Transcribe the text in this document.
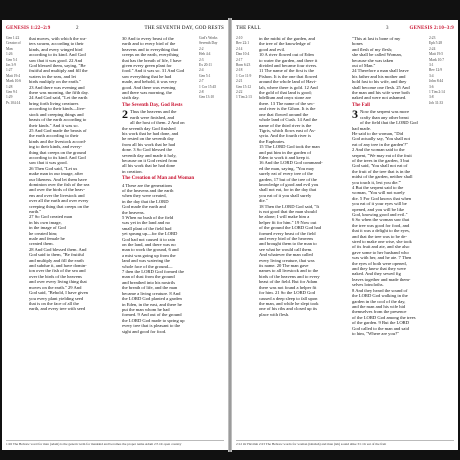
GENESIS 1:22–2:9	2	THE SEVENTH DAY, GOD RESTS
Gen 1:22
Creator of Man
1:26
Gen 5:1
Jas 3:9
1:27
Matt 19:4
Mark 10:6
1:28
Gen 9:1
1:29
Ps 104:14
that moves, with which the wa-
ters swarm, according to their
kinds, and every winged bird
according to its kind. And God
saw that it was good. 22 And
God blessed them, saying, "Be
fruitful and multiply and fill the
waters in the seas, and let
birds multiply on the earth."
23 And there was evening and
there was morning, the fifth day.
24 And God said, "Let the earth
bring forth living creatures
according to their kinds—live-
stock and creeping things and
beasts of the earth according to
their kinds." And it was so.
25 And God made the beasts of
the earth according to their
kinds and the livestock accord-
ing to their kinds, and every-
thing that creeps on the ground
according to its kind. And God
saw that it was good.
26 Then God said, "Let us
make man in our image, after
our likeness. And let them have
dominion over the fish of the sea
and over the birds of the heav-
ens and over the livestock and
over all the earth and over every
creeping thing that creeps on the
earth."
27 So God created man
in his own image,
in the image of God
he created him;
male and female he
created them.
28 And God blessed them. And
God said to them, "Be fruitful
and multiply and fill the earth
and subdue it, and have domin-
ion over the fish of the sea and
over the birds of the heavens
and over every living thing that
moves on the earth." 29 And
God said, "Behold, I have given
you every plant yielding seed
that is on the face of all the
earth, and every tree with seed
30 And to every beast of the
earth and to every bird of the
heavens and to everything that
creeps on the earth, everything
that has the breath of life, I have
given every green plant for
food." And it was so. 31 And God
saw everything that he had
made, and behold, it was very
good. And there was evening
and there was morning, the
sixth day.
The Seventh Day, God Rests
2 Thus the heavens and the
earth were finished, and
all the host of them. 2 And on
the seventh day God finished
his work that he had done, and
he rested on the seventh day
from all his work that he had
done. 3 So God blessed the
seventh day and made it holy,
because on it God rested from
all his work that he had done
in creation.
The Creation of Man and Woman
4 These are the generations
of the heavens and the earth
when they were created,
in the day that the LORD
God made the earth and
the heavens.
5 When no bush of the field
was yet in the land and no
small plant of the field had
yet sprung up—for the LORD
God had not caused it to rain
on the land, and there was no
man to work the ground, 6 and
a mist was going up from the
land and was watering the
whole face of the ground—
7 then the LORD God formed the
man of dust from the ground
and breathed into his nostrils
the breath of life, and the man
became a living creature. 8 And
the LORD God planted a garden
in Eden, in the east, and there he
put the man whom he had
formed. 9 And out of the ground
the LORD God made to spring up
every tree that is pleasant to the
sight and good for food.
God's Works
Seventh Day
2:2
Heb 4:4
2:3
Ex 20:11
2:4
Gen 5:1
2:7
1 Cor 15:45
2:8
Gen 13:10
1:26 The Hebrew word for man (adam) is the generic term for mankind and becomes the proper name Adam 2:5 Or open country
THE FALL	3	GENESIS 2:10–3:9
2:10
Rev 22:1
2:14
Dan 10:4
2:17
Rom 6:23
2:18
1 Cor 11:9
2:21
Gen 15:12
2:22
1 Tim 2:13
in the midst of the garden, and
the tree of the knowledge of
good and evil.
10 A river flowed out of Eden
to water the garden, and there it
divided and became four rivers.
11 The name of the first is the
Pishon. It is the one that flowed
around the whole land of Havi-
lah, where there is gold. 12 And
the gold of that land is good;
bdellium and onyx stone are
there. 13 The name of the sec-
ond river is the Gihon. It is the
one that flowed around the
whole land of Cush. 14 And the
name of the third river is the
Tigris, which flows east of As-
syria. And the fourth river is
the Euphrates.
15 The LORD God took the man
and put him in the garden of
Eden to work it and keep it.
16 And the LORD God command-
ed the man, saying, "You may
surely eat of every tree of the
garden, 17 but of the tree of the
knowledge of good and evil you
shall not eat, for in the day that
you eat of it you shall surely
die."
18 Then the LORD God said, "It
is not good that the man should
be alone; I will make him a
helper fit for him." 19 Now out
of the ground the LORD God had
formed every beast of the field
and every bird of the heavens
and brought them to the man to
see what he would call them.
And whatever the man called
every living creature, that was
its name. 20 The man gave
names to all livestock and to the
birds of the heavens and to every
beast of the field. But for Adam
there was not found a helper fit
for him. 21 So the LORD God
caused a deep sleep to fall upon
the man, and while he slept took
one of his ribs and closed up its
place with flesh.
"This at last is bone of my
bones
and flesh of my flesh;
she shall be called Woman,
because she was taken
out of Man."
24 Therefore a man shall leave
his father and his mother and
hold fast to his wife, and they
shall become one flesh. 25 And
the man and his wife were both
naked and were not ashamed.
The Fall
3 Now the serpent was more
crafty than any other beast
of the field that the LORD God
had made.
He said to the woman, "Did
God actually say, 'You shall not
eat of any tree in the garden'?"
2 And the woman said to the
serpent, "We may eat of the fruit
of the trees in the garden, 3 but
God said, 'You shall not eat of
the fruit of the tree that is in the
midst of the garden, neither shall
you touch it, lest you die.'"
4 But the serpent said to the
woman, "You will not surely
die. 5 For God knows that when
you eat of it your eyes will be
opened, and you will be like
God, knowing good and evil."
6 So when the woman saw that
the tree was good for food, and
that it was a delight to the eyes,
and that the tree was to be de-
sired to make one wise, she took
of its fruit and ate, and she also
gave some to her husband who
was with her, and he ate. 7 Then
the eyes of both were opened,
and they knew that they were
naked. And they sewed fig
leaves together and made them-
selves loincloths.
8 And they heard the sound of
the LORD God walking in the
garden in the cool of the day,
and the man and his wife hid
themselves from the presence
of the LORD God among the trees
of the garden. 9 But the LORD
God called to the man and said
to him, "Where are you?"
2:23
Eph 5:28
2:24
Matt 19:5
Mark 10:7
3:1
Rev 12:9
3:4
John 8:44
3:6
1 Tim 2:14
3:8
Job 31:33
2:12 Or Havilah 2:23 The Hebrew words for woman (ishshah) and man (ish) sound alike 3:1 Or eat of the fruit
